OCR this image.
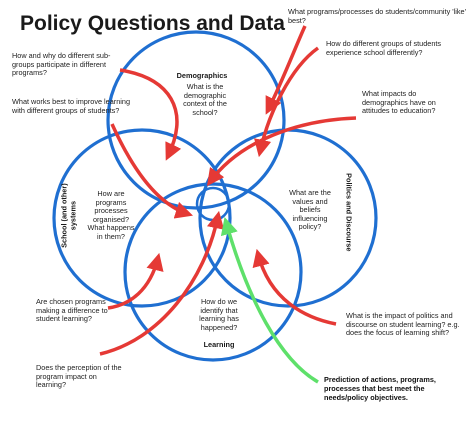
Policy Questions and Data
Demographics
What is the demographic context of the school?
School (and other) systems
How are programs processes organised? What happens in them?	Politics and Discourse
What are the values and beliefs influencing policy?
How do we identify that learning has happened?
Learning
How and why do different sub-groups participate in different programs?
What works best to improve learning with different groups of students?
What programs/processes do students/community 'like' best?
How do different groups of students experience school differently?
What impacts do demographics have on attitudes to education?
Are chosen programs making a difference to student learning?	What is the impact of politics and discourse on student learning? e.g. does the focus of learning shift?
Does the perception of the program impact on learning?
Prediction of actions, programs, processes that best meet the needs/policy objectives.
